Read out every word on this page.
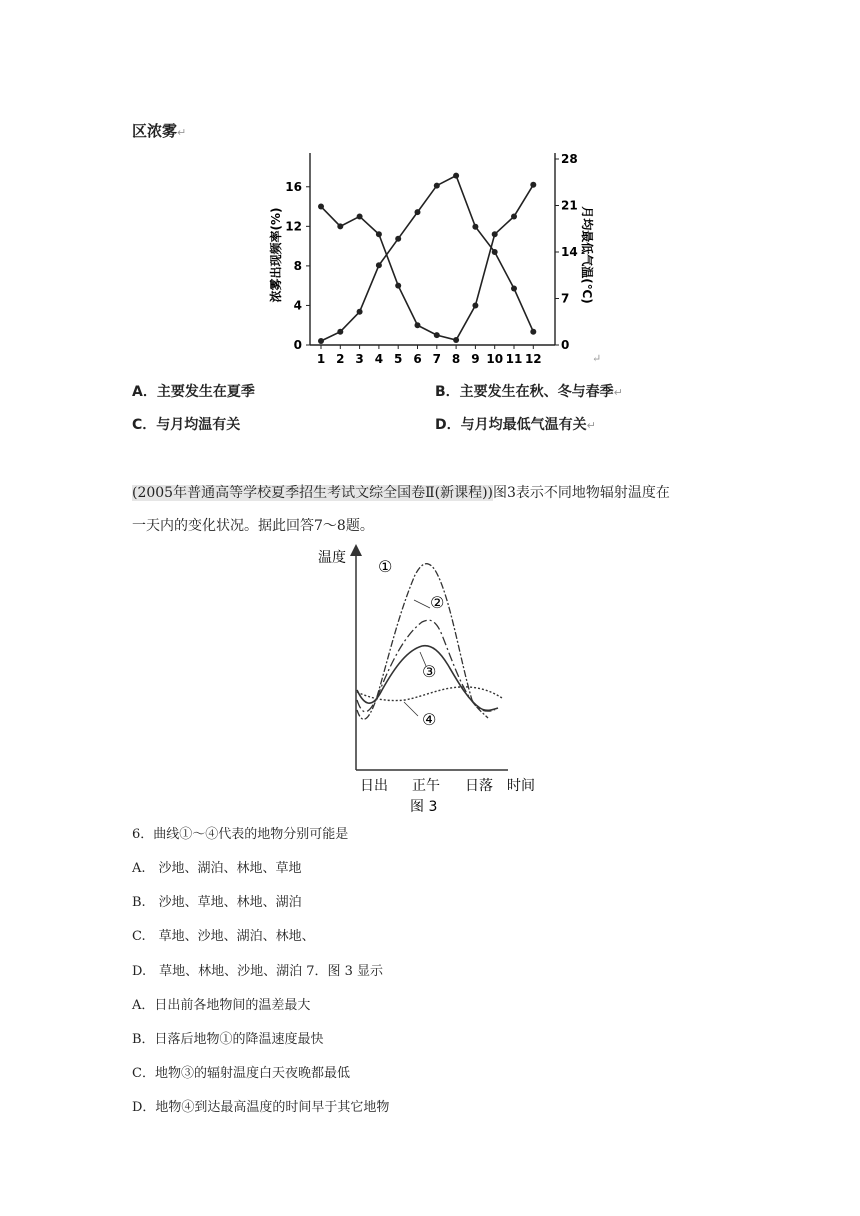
区浓雾↵
0
4
8
12
16
0
7
14
21
28
1 2 3 4 5 6 7 8 9 10 11 12
浓雾出现频率(%)	月均最低气温(℃)
↵
A．主要发生在夏季	B．主要发生在秋、冬与春季↵
C．与月均温有关	D．与月均最低气温有关↵
(2005年普通高等学校夏季招生考试文综全国卷Ⅱ(新课程))图3表示不同地物辐射温度在
一天内的变化状况。据此回答7～8题。
温度
时间
日出 正午 日落
图 3
①
②
③
④
6．曲线①～④代表的地物分别可能是
A.　沙地、湖泊、林地、草地
B.　沙地、草地、林地、湖泊
C.　草地、沙地、湖泊、林地、
D.　草地、林地、沙地、湖泊 7．图 3 显示
A．日出前各地物间的温差最大
B．日落后地物①的降温速度最快
C．地物③的辐射温度白天夜晚都最低
D．地物④到达最高温度的时间早于其它地物
